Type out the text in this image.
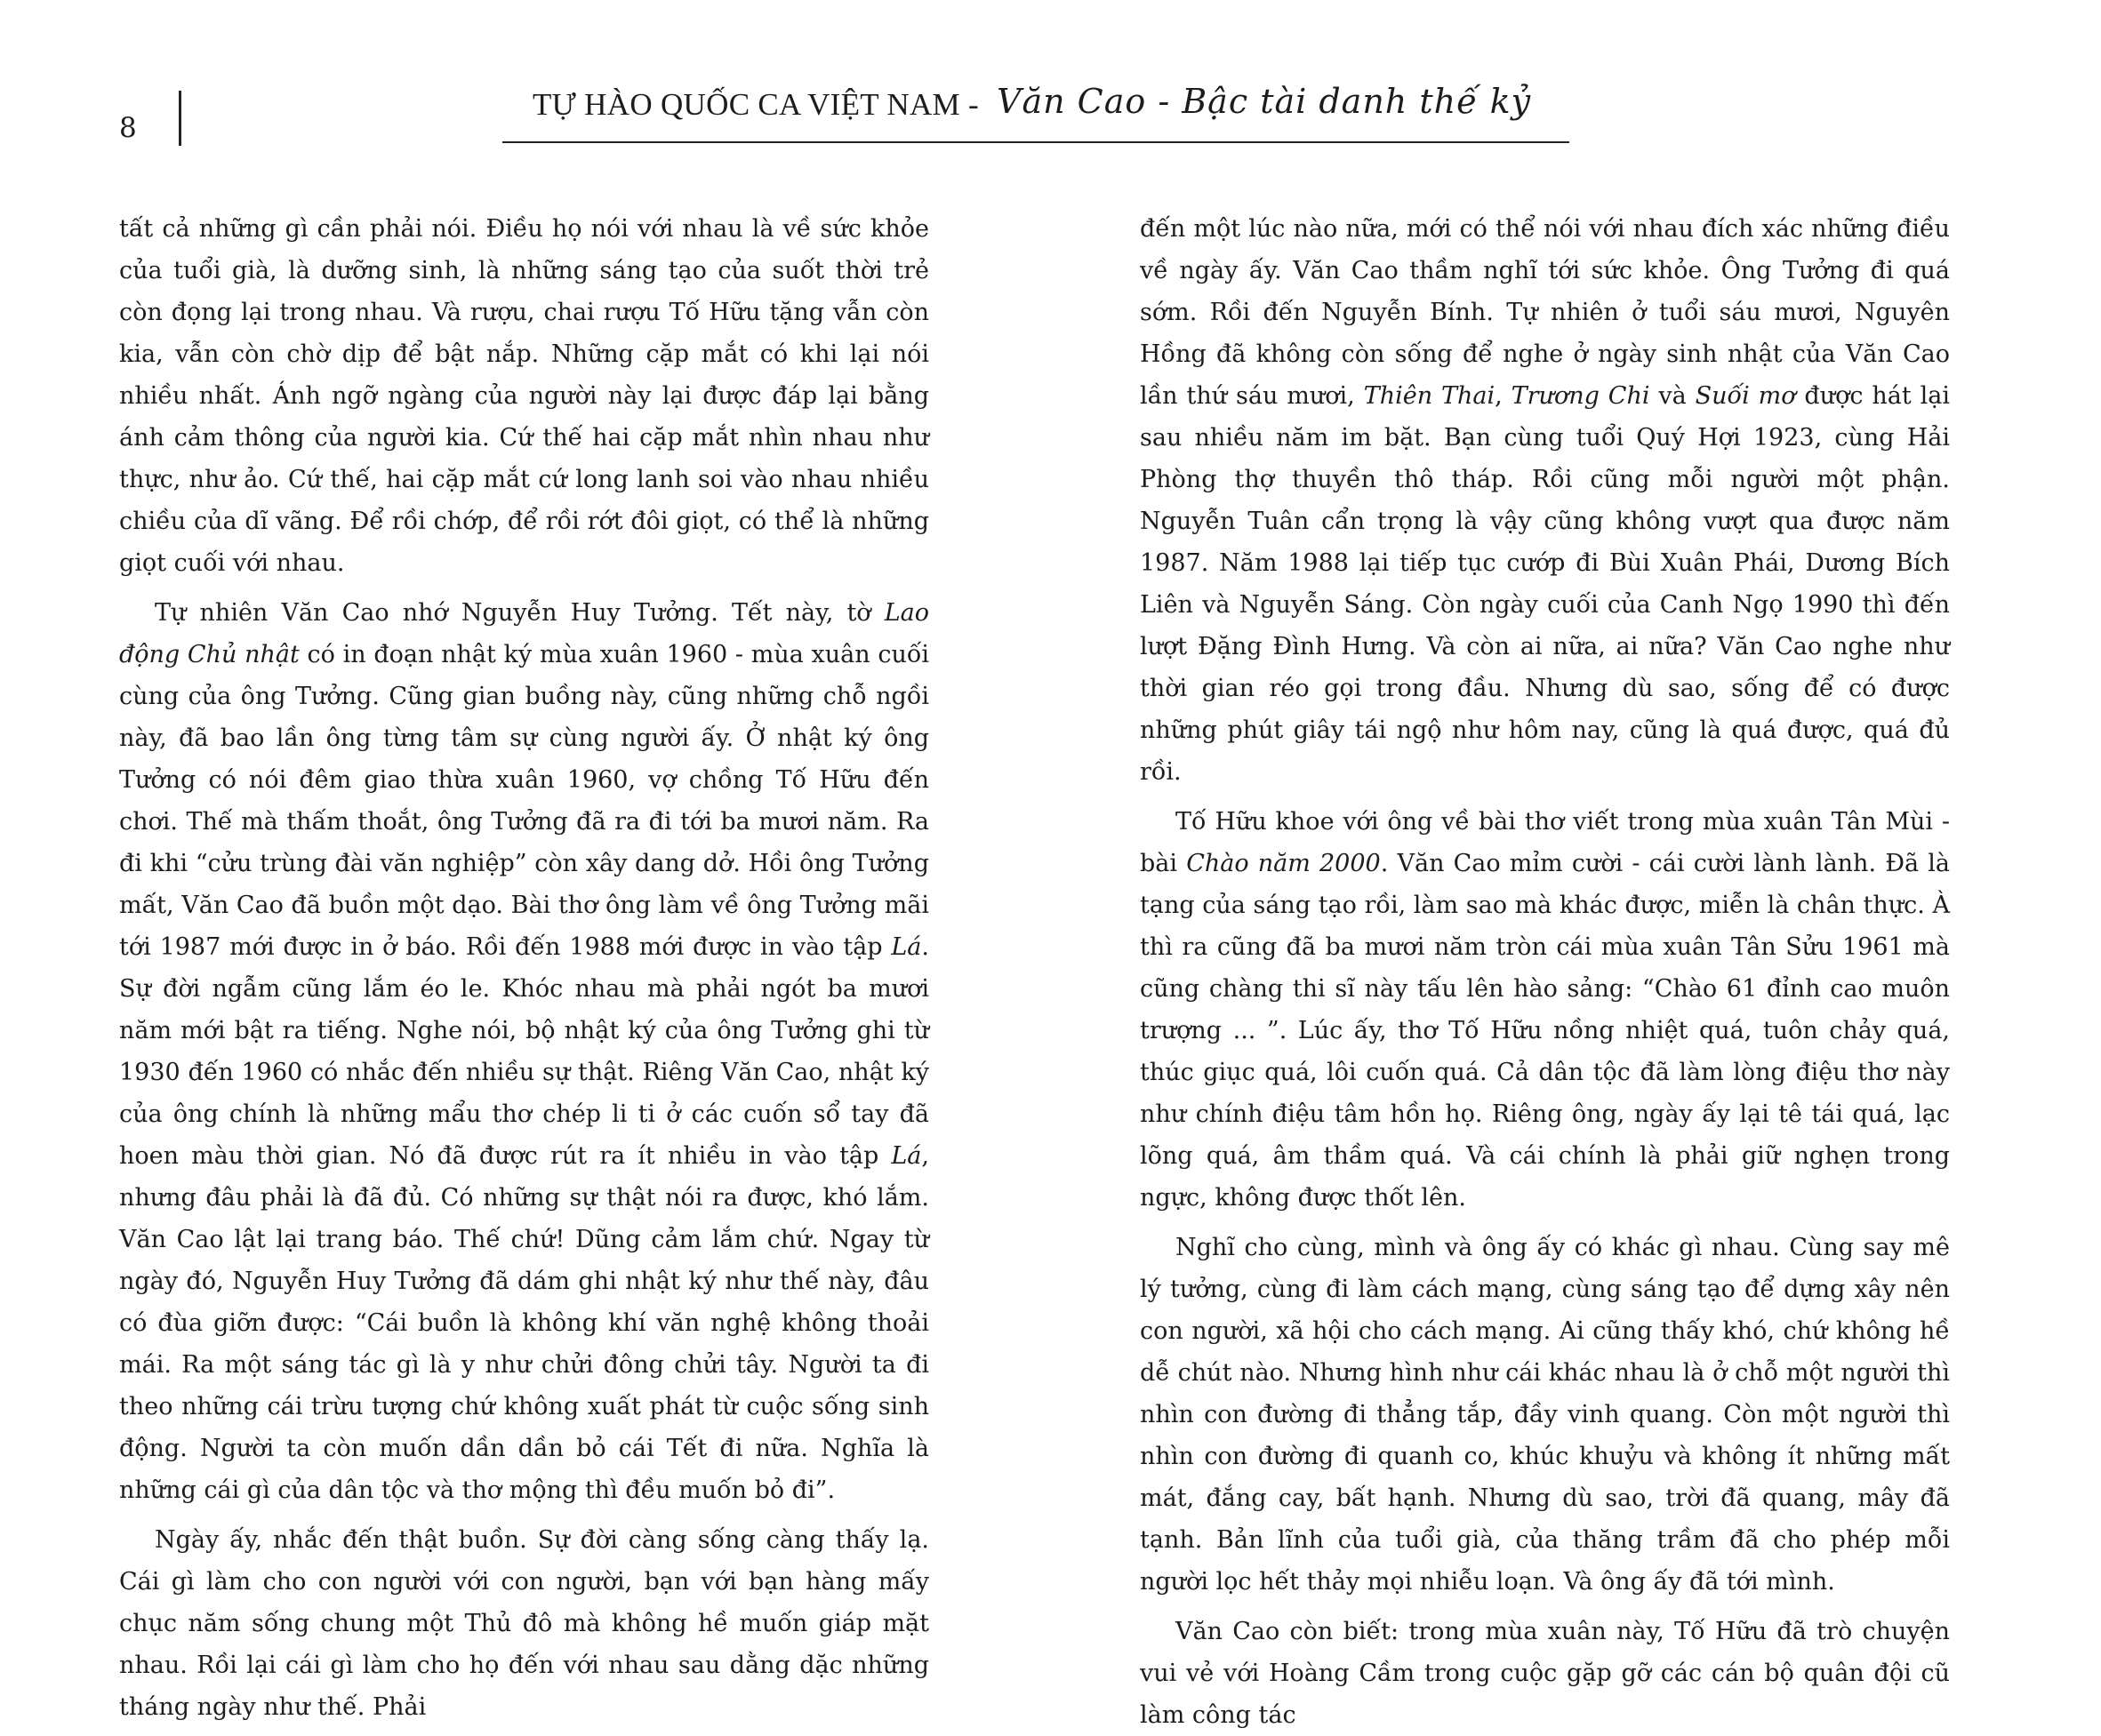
8
TỰ HÀO QUỐC CA VIỆT NAM - Văn Cao - Bậc tài danh thế kỷ

tất cả những gì cần phải nói. Điều họ nói với nhau là về sức khỏe của tuổi già, là dưỡng sinh, là những sáng tạo của suốt thời trẻ còn đọng lại trong nhau. Và rượu, chai rượu Tố Hữu tặng vẫn còn kia, vẫn còn chờ dịp để bật nắp. Những cặp mắt có khi lại nói nhiều nhất. Ánh ngỡ ngàng của người này lại được đáp lại bằng ánh cảm thông của người kia. Cứ thế hai cặp mắt nhìn nhau như thực, như ảo. Cứ thế, hai cặp mắt cứ long lanh soi vào nhau nhiều chiều của dĩ vãng. Để rồi chớp, để rồi rớt đôi giọt, có thể là những giọt cuối với nhau.

Tự nhiên Văn Cao nhớ Nguyễn Huy Tưởng. Tết này, tờ Lao động Chủ nhật có in đoạn nhật ký mùa xuân 1960 - mùa xuân cuối cùng của ông Tưởng. Cũng gian buồng này, cũng những chỗ ngồi này, đã bao lần ông từng tâm sự cùng người ấy. Ở nhật ký ông Tưởng có nói đêm giao thừa xuân 1960, vợ chồng Tố Hữu đến chơi. Thế mà thấm thoắt, ông Tưởng đã ra đi tới ba mươi năm. Ra đi khi “cửu trùng đài văn nghiệp” còn xây dang dở. Hồi ông Tưởng mất, Văn Cao đã buồn một dạo. Bài thơ ông làm về ông Tưởng mãi tới 1987 mới được in ở báo. Rồi đến 1988 mới được in vào tập Lá. Sự đời ngẫm cũng lắm éo le. Khóc nhau mà phải ngót ba mươi năm mới bật ra tiếng. Nghe nói, bộ nhật ký của ông Tưởng ghi từ 1930 đến 1960 có nhắc đến nhiều sự thật. Riêng Văn Cao, nhật ký của ông chính là những mẩu thơ chép li ti ở các cuốn sổ tay đã hoen màu thời gian. Nó đã được rút ra ít nhiều in vào tập Lá, nhưng đâu phải là đã đủ. Có những sự thật nói ra được, khó lắm. Văn Cao lật lại trang báo. Thế chứ! Dũng cảm lắm chứ. Ngay từ ngày đó, Nguyễn Huy Tưởng đã dám ghi nhật ký như thế này, đâu có đùa giỡn được: “Cái buồn là không khí văn nghệ không thoải mái. Ra một sáng tác gì là y như chửi đông chửi tây. Người ta đi theo những cái trừu tượng chứ không xuất phát từ cuộc sống sinh động. Người ta còn muốn dần dần bỏ cái Tết đi nữa. Nghĩa là những cái gì của dân tộc và thơ mộng thì đều muốn bỏ đi”.

Ngày ấy, nhắc đến thật buồn. Sự đời càng sống càng thấy lạ. Cái gì làm cho con người với con người, bạn với bạn hàng mấy chục năm sống chung một Thủ đô mà không hề muốn giáp mặt nhau. Rồi lại cái gì làm cho họ đến với nhau sau dằng dặc những tháng ngày như thế. Phải

đến một lúc nào nữa, mới có thể nói với nhau đích xác những điều về ngày ấy. Văn Cao thầm nghĩ tới sức khỏe. Ông Tưởng đi quá sớm. Rồi đến Nguyễn Bính. Tự nhiên ở tuổi sáu mươi, Nguyên Hồng đã không còn sống để nghe ở ngày sinh nhật của Văn Cao lần thứ sáu mươi, Thiên Thai, Trương Chi và Suối mơ được hát lại sau nhiều năm im bặt. Bạn cùng tuổi Quý Hợi 1923, cùng Hải Phòng thợ thuyền thô tháp. Rồi cũng mỗi người một phận. Nguyễn Tuân cẩn trọng là vậy cũng không vượt qua được năm 1987. Năm 1988 lại tiếp tục cướp đi Bùi Xuân Phái, Dương Bích Liên và Nguyễn Sáng. Còn ngày cuối của Canh Ngọ 1990 thì đến lượt Đặng Đình Hưng. Và còn ai nữa, ai nữa? Văn Cao nghe như thời gian réo gọi trong đầu. Nhưng dù sao, sống để có được những phút giây tái ngộ như hôm nay, cũng là quá được, quá đủ rồi.

Tố Hữu khoe với ông về bài thơ viết trong mùa xuân Tân Mùi - bài Chào năm 2000. Văn Cao mỉm cười - cái cười lành lành. Đã là tạng của sáng tạo rồi, làm sao mà khác được, miễn là chân thực. À thì ra cũng đã ba mươi năm tròn cái mùa xuân Tân Sửu 1961 mà cũng chàng thi sĩ này tấu lên hào sảng: “Chào 61 đỉnh cao muôn trượng ... ”. Lúc ấy, thơ Tố Hữu nồng nhiệt quá, tuôn chảy quá, thúc giục quá, lôi cuốn quá. Cả dân tộc đã làm lòng điệu thơ này như chính điệu tâm hồn họ. Riêng ông, ngày ấy lại tê tái quá, lạc lõng quá, âm thầm quá. Và cái chính là phải giữ nghẹn trong ngực, không được thốt lên.

Nghĩ cho cùng, mình và ông ấy có khác gì nhau. Cùng say mê lý tưởng, cùng đi làm cách mạng, cùng sáng tạo để dựng xây nên con người, xã hội cho cách mạng. Ai cũng thấy khó, chứ không hề dễ chút nào. Nhưng hình như cái khác nhau là ở chỗ một người thì nhìn con đường đi thẳng tắp, đầy vinh quang. Còn một người thì nhìn con đường đi quanh co, khúc khuỷu và không ít những mất mát, đắng cay, bất hạnh. Nhưng dù sao, trời đã quang, mây đã tạnh. Bản lĩnh của tuổi già, của thăng trầm đã cho phép mỗi người lọc hết thảy mọi nhiễu loạn. Và ông ấy đã tới mình.

Văn Cao còn biết: trong mùa xuân này, Tố Hữu đã trò chuyện vui vẻ với Hoàng Cầm trong cuộc gặp gỡ các cán bộ quân đội cũ làm công tác
